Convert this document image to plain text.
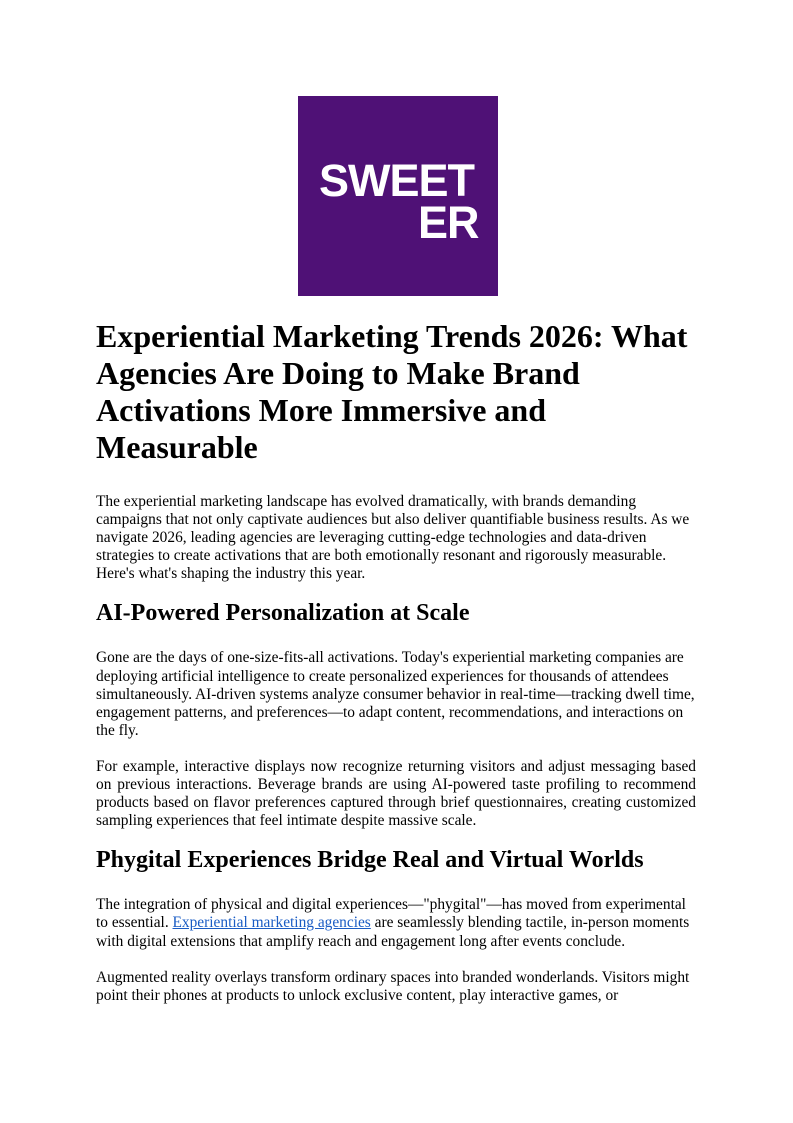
SWEET
ER
Experiential Marketing Trends 2026: What Agencies Are Doing to Make Brand Activations More Immersive and Measurable

The experiential marketing landscape has evolved dramatically, with brands demanding campaigns that not only captivate audiences but also deliver quantifiable business results. As we navigate 2026, leading agencies are leveraging cutting-edge technologies and data-driven strategies to create activations that are both emotionally resonant and rigorously measurable. Here's what's shaping the industry this year.

AI-Powered Personalization at Scale

Gone are the days of one-size-fits-all activations. Today's experiential marketing companies are deploying artificial intelligence to create personalized experiences for thousands of attendees simultaneously. AI-driven systems analyze consumer behavior in real-time—tracking dwell time, engagement patterns, and preferences—to adapt content, recommendations, and interactions on the fly.

For example, interactive displays now recognize returning visitors and adjust messaging based on previous interactions. Beverage brands are using AI-powered taste profiling to recommend products based on flavor preferences captured through brief questionnaires, creating customized sampling experiences that feel intimate despite massive scale.

Phygital Experiences Bridge Real and Virtual Worlds

The integration of physical and digital experiences—"phygital"—has moved from experimental to essential. Experiential marketing agencies are seamlessly blending tactile, in-person moments with digital extensions that amplify reach and engagement long after events conclude.

Augmented reality overlays transform ordinary spaces into branded wonderlands. Visitors might point their phones at products to unlock exclusive content, play interactive games, or
